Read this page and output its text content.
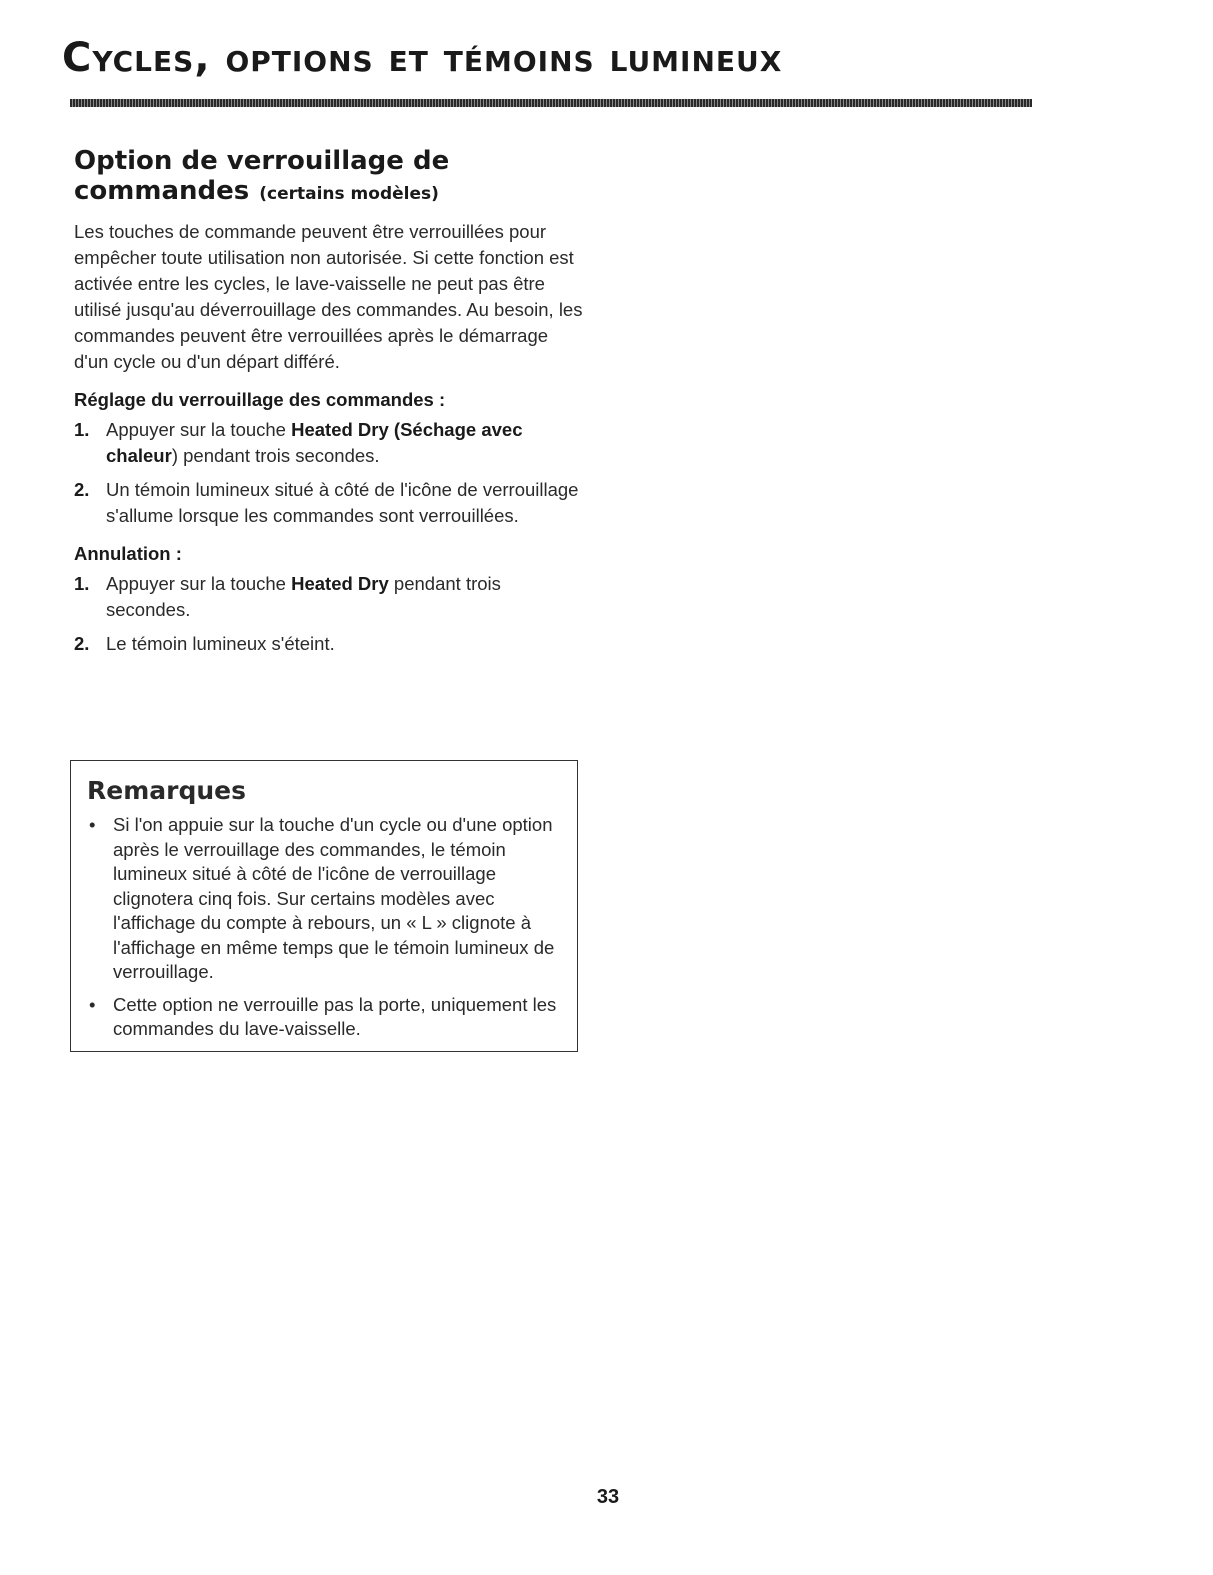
Cycles, options et témoins lumineux
Option de verrouillage de
commandes (certains modèles)

Les touches de commande peuvent être verrouillées pour empêcher toute utilisation non autorisée. Si cette fonction est activée entre les cycles, le lave-vaisselle ne peut pas être utilisé jusqu'au déverrouillage des commandes. Au besoin, les commandes peuvent être verrouillées après le démarrage d'un cycle ou d'un départ différé.

Réglage du verrouillage des commandes :
1. Appuyer sur la touche Heated Dry (Séchage avec chaleur) pendant trois secondes.
2. Un témoin lumineux situé à côté de l'icône de verrouillage s'allume lorsque les commandes sont verrouillées.
Annulation :
1. Appuyer sur la touche Heated Dry pendant trois secondes.
2. Le témoin lumineux s'éteint.
Remarques
• Si l'on appuie sur la touche d'un cycle ou d'une option après le verrouillage des commandes, le témoin lumineux situé à côté de l'icône de verrouillage clignotera cinq fois. Sur certains modèles avec l'affichage du compte à rebours, un « L » clignote à l'affichage en même temps que le témoin lumineux de verrouillage.
• Cette option ne verrouille pas la porte, uniquement les commandes du lave-vaisselle.
33
